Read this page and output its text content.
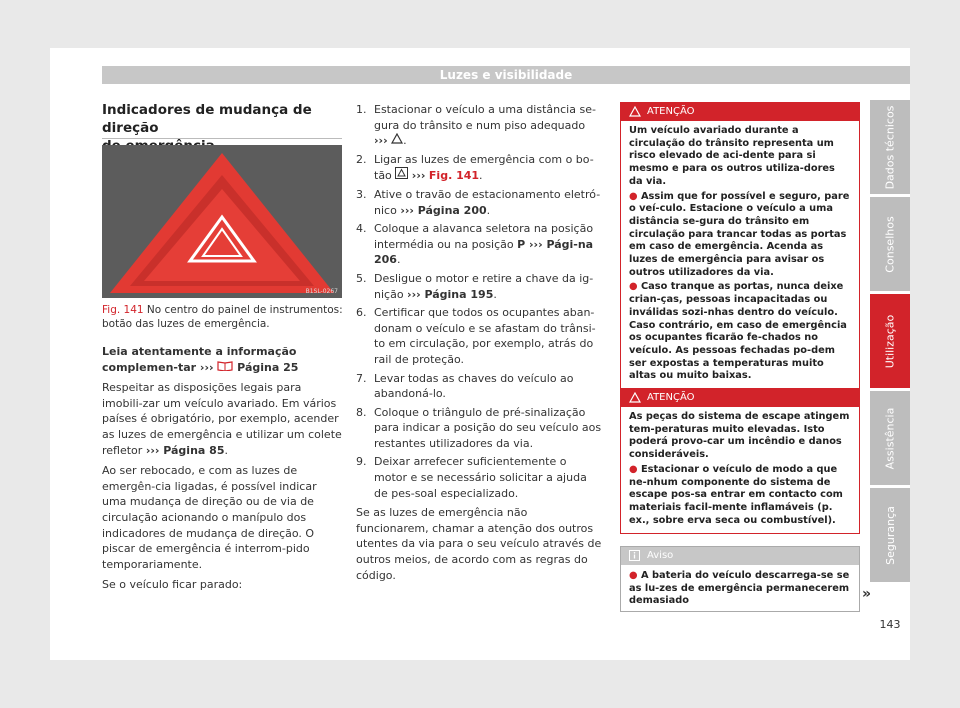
Luzes e visibilidade
Indicadores de mudança de direção
B1SL-0267
Fig. 141 No centro do painel de instrumentos: botão das luzes de emergência.

Leia atentamente a informação complemen-tar ›››  Página 25

Respeitar as disposições legais para imobili-zar um veículo avariado. Em vários países é obrigatório, por exemplo, acender as luzes de emergência e utilizar um colete refletor ››› Página 85.

Ao ser rebocado, e com as luzes de emergên-cia ligadas, é possível indicar uma mudança de direção ou de via de circulação acionando o manípulo dos indicadores de mudança de direção. O piscar de emergência é interrom-pido temporariamente.

Se o veículo ficar parado:

1. Estacionar o veículo a uma distância se-gura do trânsito e num piso adequado ››› .
2. Ligar as luzes de emergência com o bo-tão ››› Fig. 141.
3. Ative o travão de estacionamento eletró-nico ››› Página 200.
4. Coloque a alavanca seletora na posição intermédia ou na posição P ››› Pági-na 206.
5. Desligue o motor e retire a chave da ig-nição ››› Página 195.
6. Certificar que todos os ocupantes aban-donam o veículo e se afastam do trânsi-to em circulação, por exemplo, atrás do rail de proteção.
7. Levar todas as chaves do veículo ao abandoná-lo.
8. Coloque o triângulo de pré-sinalização para indicar a posição do seu veículo aos restantes utilizadores da via.
9. Deixar arrefecer suficientemente o motor e se necessário solicitar a ajuda de pes-soal especializado.

Se as luzes de emergência não funcionarem, chamar a atenção dos outros utentes da via para o seu veículo através de outros meios, de acordo com as regras do código.

ATENÇÃO
Um veículo avariado durante a circulação do trânsito representa um risco elevado de aci-dente para si mesmo e para os outros utiliza-dores da via.
● Assim que for possível e seguro, pare o veí-culo. Estacione o veículo a uma distância se-gura do trânsito em circulação para trancar todas as portas em caso de emergência. Acenda as luzes de emergência para avisar os outros utilizadores da via.
● Caso tranque as portas, nunca deixe crian-ças, pessoas incapacitadas ou inválidas sozi-nhas dentro do veículo. Caso contrário, em caso de emergência os ocupantes ficarão fe-chados no veículo. As pessoas fechadas po-dem ser expostas a temperaturas muito altas ou muito baixas.
ATENÇÃO
As peças do sistema de escape atingem tem-peraturas muito elevadas. Isto poderá provo-car um incêndio e danos consideráveis.
● Estacionar o veículo de modo a que ne-nhum componente do sistema de escape pos-sa entrar em contacto com materiais facil-mente inflamáveis (p. ex., sobre erva seca ou combustível).
Aviso
● A bateria do veículo descarrega-se se as lu-zes de emergência permanecerem demasiado	»
Dados técnicos
Conselhos
Utilização
Assistência
Segurança
143
